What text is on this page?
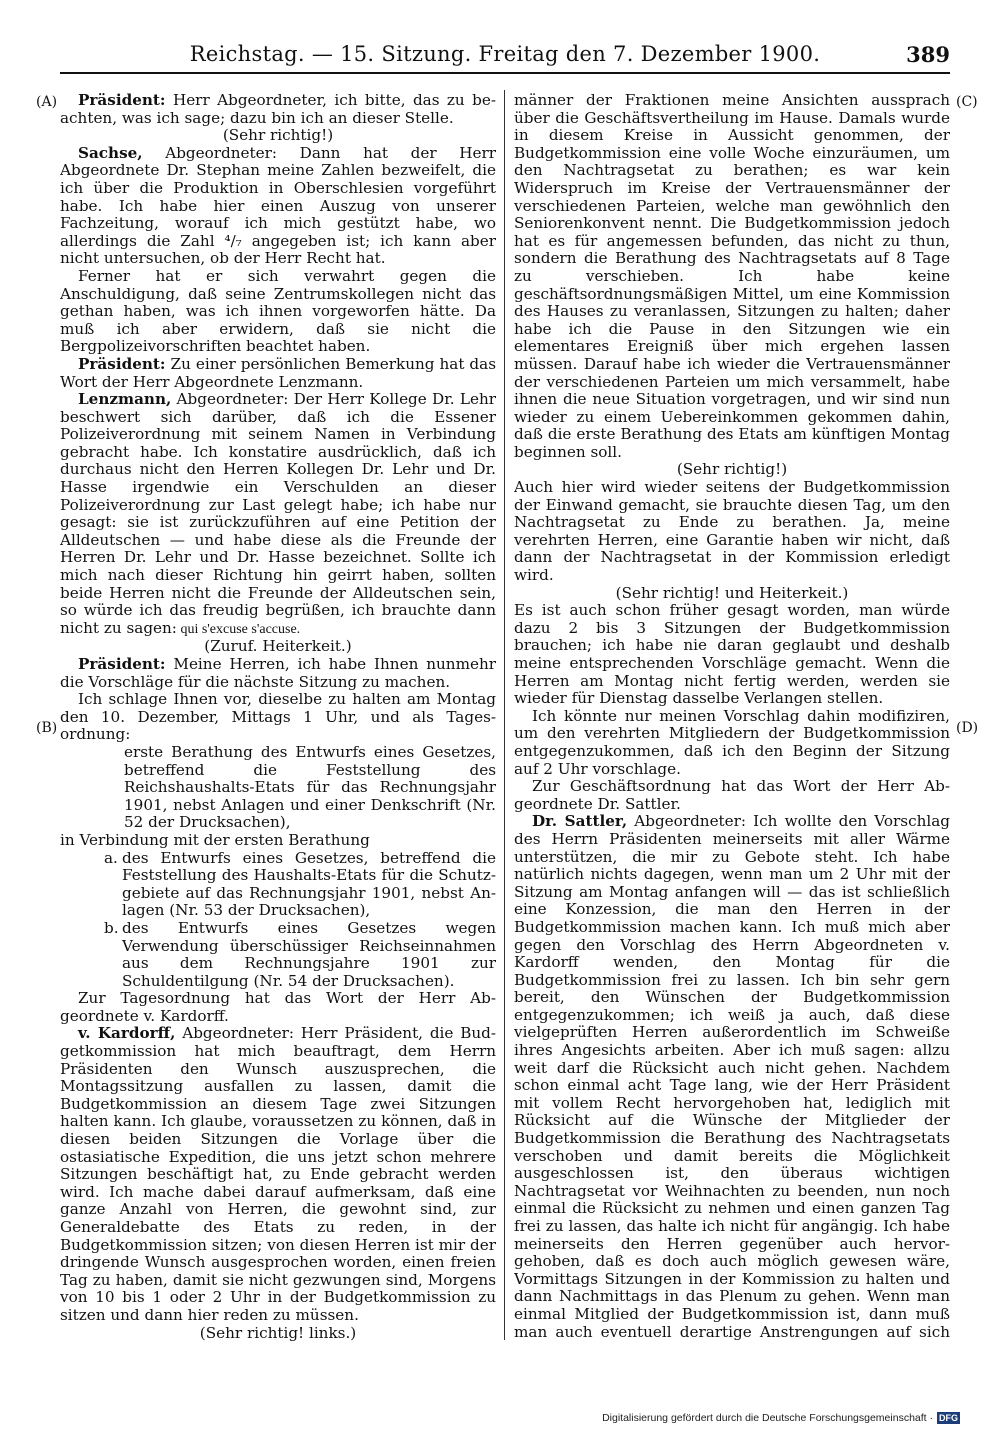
Reichstag. — 15. Sitzung. Freitag den 7. Dezember 1900.	389
(A)
(B)
(C)
(D)

Präsident: Herr Abgeordneter, ich bitte, das zu beachten, was ich sage; dazu bin ich an dieser Stelle.

(Sehr richtig!)

Sachse, Abgeordneter: Dann hat der Herr Abgeordnete Dr. Stephan meine Zahlen bezweifelt, die ich über die Produktion in Oberschlesien vorgeführt habe. Ich habe hier einen Auszug von unserer Fachzeitung, worauf ich mich gestützt habe, wo allerdings die Zahl ⁴/₇ angegeben ist; ich kann aber nicht untersuchen, ob der Herr Recht hat.

Ferner hat er sich verwahrt gegen die Anschuldigung, daß seine Zentrumskollegen nicht das gethan haben, was ich ihnen vorgeworfen hätte. Da muß ich aber erwidern, daß sie nicht die Bergpolizeivorschriften beachtet haben.

Präsident: Zu einer persönlichen Bemerkung hat das Wort der Herr Abgeordnete Lenzmann.

Lenzmann, Abgeordneter: Der Herr Kollege Dr. Lehr beschwert sich darüber, daß ich die Essener Polizeiverordnung mit seinem Namen in Verbindung gebracht habe. Ich konstatire ausdrücklich, daß ich durchaus nicht den Herren Kollegen Dr. Lehr und Dr. Hasse irgendwie ein Verschulden an dieser Polizeiverordnung zur Last gelegt habe; ich habe nur gesagt: sie ist zurückzuführen auf eine Petition der Alldeutschen — und habe diese als die Freunde der Herren Dr. Lehr und Dr. Hasse bezeichnet. Sollte ich mich nach dieser Richtung hin geirrt haben, sollten beide Herren nicht die Freunde der Alldeutschen sein, so würde ich das freudig begrüßen, ich brauchte dann nicht zu sagen: qui s'excuse s'accuse.

(Zuruf. Heiterkeit.)

Präsident: Meine Herren, ich habe Ihnen nunmehr die Vorschläge für die nächste Sitzung zu machen.

Ich schlage Ihnen vor, dieselbe zu halten am Montag den 10. Dezember, Mittags 1 Uhr, und als Tagesordnung:

erste Berathung des Entwurfs eines Gesetzes, betreffend die Feststellung des Reichshaushalts-Etats für das Rechnungsjahr 1901, nebst Anlagen und einer Denkschrift (Nr. 52 der Drucksachen),

in Verbindung mit der ersten Berathung

a. des Entwurfs eines Gesetzes, betreffend die Feststellung des Haushalts-Etats für die Schutzgebiete auf das Rechnungsjahr 1901, nebst Anlagen (Nr. 53 der Drucksachen),

b. des Entwurfs eines Gesetzes wegen Verwendung überschüssiger Reichseinnahmen aus dem Rechnungsjahre 1901 zur Schuldentilgung (Nr. 54 der Drucksachen).

Zur Tagesordnung hat das Wort der Herr Abgeordnete v. Kardorff.

v. Kardorff, Abgeordneter: Herr Präsident, die Budgetkommission hat mich beauftragt, dem Herrn Präsidenten den Wunsch auszusprechen, die Montagssitzung ausfallen zu lassen, damit die Budgetkommission an diesem Tage zwei Sitzungen halten kann. Ich glaube, voraussetzen zu können, daß in diesen beiden Sitzungen die Vorlage über die ostasiatische Expedition, die uns jetzt schon mehrere Sitzungen beschäftigt hat, zu Ende gebracht werden wird. Ich mache dabei darauf aufmerksam, daß eine ganze Anzahl von Herren, die gewohnt sind, zur Generaldebatte des Etats zu reden, in der Budgetkommission sitzen; von diesen Herren ist mir der dringende Wunsch ausgesprochen worden, einen freien Tag zu haben, damit sie nicht gezwungen sind, Morgens von 10 bis 1 oder 2 Uhr in der Budgetkommission zu sitzen und dann hier reden zu müssen.

(Sehr richtig! links.)

männer der Fraktionen meine Ansichten aussprach über die Geschäftsvertheilung im Hause. Damals wurde in diesem Kreise in Aussicht genommen, der Budgetkommission eine volle Woche einzuräumen, um den Nachtragsetat zu berathen; es war kein Widerspruch im Kreise der Vertrauensmänner der verschiedenen Parteien, welche man gewöhnlich den Seniorenkonvent nennt. Die Budgetkommission jedoch hat es für angemessen befunden, das nicht zu thun, sondern die Berathung des Nachtragsetats auf 8 Tage zu verschieben. Ich habe keine geschäftsordnungsmäßigen Mittel, um eine Kommission des Hauses zu veranlassen, Sitzungen zu halten; daher habe ich die Pause in den Sitzungen wie ein elementares Ereigniß über mich ergehen lassen müssen. Darauf habe ich wieder die Vertrauensmänner der verschiedenen Parteien um mich versammelt, habe ihnen die neue Situation vorgetragen, und wir sind nun wieder zu einem Uebereinkommen gekommen dahin, daß die erste Berathung des Etats am künftigen Montag beginnen soll.

(Sehr richtig!)

Auch hier wird wieder seitens der Budgetkommission der Einwand gemacht, sie brauchte diesen Tag, um den Nachtragsetat zu Ende zu berathen. Ja, meine verehrten Herren, eine Garantie haben wir nicht, daß dann der Nachtragsetat in der Kommission erledigt wird.

(Sehr richtig! und Heiterkeit.)

Es ist auch schon früher gesagt worden, man würde dazu 2 bis 3 Sitzungen der Budgetkommission brauchen; ich habe nie daran geglaubt und deshalb meine entsprechenden Vorschläge gemacht. Wenn die Herren am Montag nicht fertig werden, werden sie wieder für Dienstag dasselbe Verlangen stellen.

Ich könnte nur meinen Vorschlag dahin modifiziren, um den verehrten Mitgliedern der Budgetkommission entgegenzukommen, daß ich den Beginn der Sitzung auf 2 Uhr vorschlage.

Zur Geschäftsordnung hat das Wort der Herr Abgeordnete Dr. Sattler.

Dr. Sattler, Abgeordneter: Ich wollte den Vorschlag des Herrn Präsidenten meinerseits mit aller Wärme unterstützen, die mir zu Gebote steht. Ich habe natürlich nichts dagegen, wenn man um 2 Uhr mit der Sitzung am Montag anfangen will — das ist schließlich eine Konzession, die man den Herren in der Budgetkommission machen kann. Ich muß mich aber gegen den Vorschlag des Herrn Abgeordneten v. Kardorff wenden, den Montag für die Budgetkommission frei zu lassen. Ich bin sehr gern bereit, den Wünschen der Budgetkommission entgegenzukommen; ich weiß ja auch, daß diese vielgeprüften Herren außerordentlich im Schweiße ihres Angesichts arbeiten. Aber ich muß sagen: allzu weit darf die Rücksicht auch nicht gehen. Nachdem schon einmal acht Tage lang, wie der Herr Präsident mit vollem Recht hervorgehoben hat, lediglich mit Rücksicht auf die Wünsche der Mitglieder der Budgetkommission die Berathung des Nachtragsetats verschoben und damit bereits die Möglichkeit ausgeschlossen ist, den überaus wichtigen Nachtragsetat vor Weihnachten zu beenden, nun noch einmal die Rücksicht zu nehmen und einen ganzen Tag frei zu lassen, das halte ich nicht für angängig. Ich habe meinerseits den Herren gegenüber auch hervorgehoben, daß es doch auch möglich gewesen wäre, Vormittags Sitzungen in der Kommission zu halten und dann Nachmittags in das Plenum zu gehen. Wenn man einmal Mitglied der Budgetkommission ist, dann muß man auch eventuell derartige Anstrengungen auf sich

Digitalisierung gefördert durch die Deutsche Forschungsgemeinschaft · DFG
